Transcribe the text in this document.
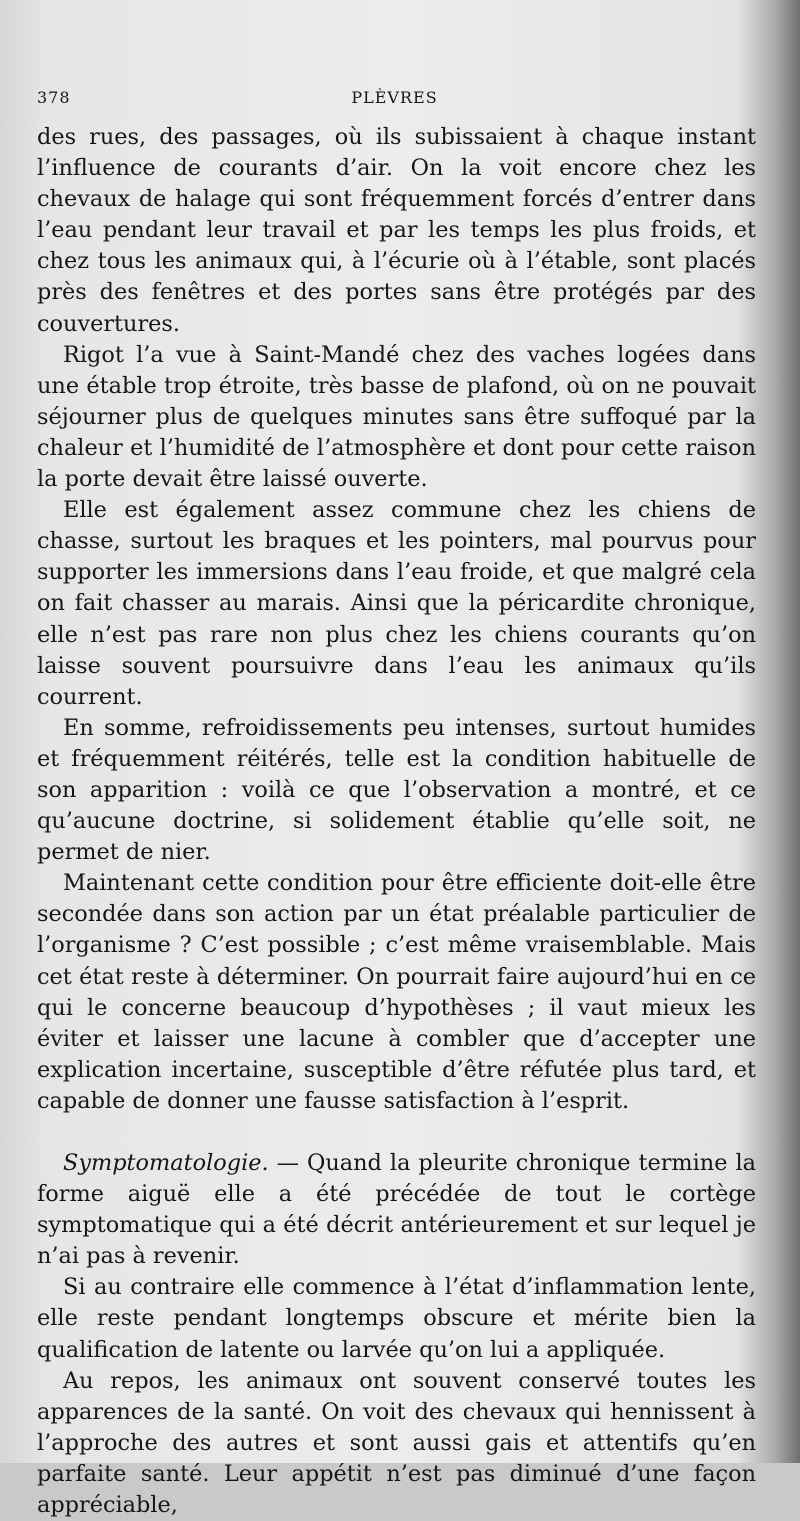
378	PLÈVRES

des rues, des passages, où ils subissaient à chaque instant l’influence de courants d’air. On la voit encore chez les chevaux de halage qui sont fréquemment forcés d’entrer dans l’eau pendant leur travail et par les temps les plus froids, et chez tous les animaux qui, à l’écurie où à l’étable, sont placés près des fenêtres et des portes sans être protégés par des couvertures.

Rigot l’a vue à Saint-Mandé chez des vaches logées dans une étable trop étroite, très basse de plafond, où on ne pouvait séjourner plus de quelques minutes sans être suffoqué par la chaleur et l’humidité de l’atmosphère et dont pour cette raison la porte devait être laissé ouverte.

Elle est également assez commune chez les chiens de chasse, surtout les braques et les pointers, mal pourvus pour supporter les immersions dans l’eau froide, et que malgré cela on fait chasser au marais. Ainsi que la péricardite chronique, elle n’est pas rare non plus chez les chiens courants qu’on laisse souvent poursuivre dans l’eau les animaux qu’ils courrent.

En somme, refroidissements peu intenses, surtout humides et fréquemment réitérés, telle est la condition habituelle de son apparition : voilà ce que l’observation a montré, et ce qu’aucune doctrine, si solidement établie qu’elle soit, ne permet de nier.

Maintenant cette condition pour être efficiente doit-elle être secondée dans son action par un état préalable particulier de l’organisme ? C’est possible ; c’est même vraisemblable. Mais cet état reste à déterminer. On pourrait faire aujourd’hui en ce qui le concerne beaucoup d’hypothèses ; il vaut mieux les éviter et laisser une lacune à combler que d’accepter une explication incertaine, susceptible d’être réfutée plus tard, et capable de donner une fausse satisfaction à l’esprit.

Symptomatologie. — Quand la pleurite chronique termine la forme aiguë elle a été précédée de tout le cortège symptomatique qui a été décrit antérieurement et sur lequel je n’ai pas à revenir.

Si au contraire elle commence à l’état d’inflammation lente, elle reste pendant longtemps obscure et mérite bien la qualification de latente ou larvée qu’on lui a appliquée.

Au repos, les animaux ont souvent conservé toutes les apparences de la santé. On voit des chevaux qui hennissent à l’approche des autres et sont aussi gais et attentifs qu’en parfaite santé. Leur appétit n’est pas diminué d’une façon appréciable,
